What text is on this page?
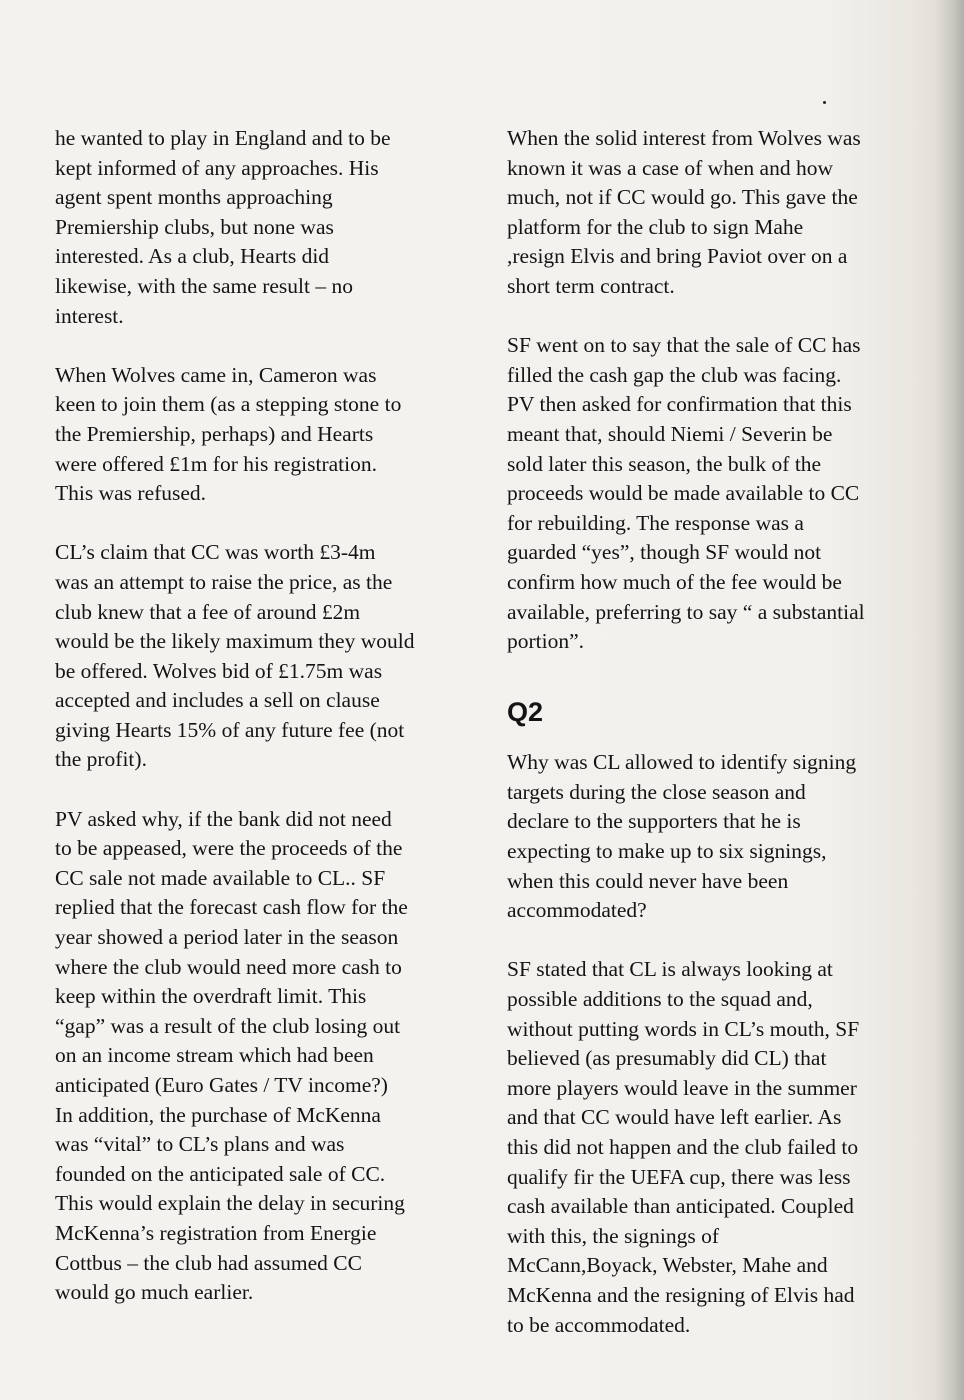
he wanted to play in England and to be
kept informed of any approaches. His
agent spent months approaching
Premiership clubs, but none was
interested. As a club, Hearts did
likewise, with the same result – no
interest.
When Wolves came in, Cameron was
keen to join them (as a stepping stone to
the Premiership, perhaps) and Hearts
were offered £1m for his registration.
This was refused.
CL’s claim that CC was worth £3-4m
was an attempt to raise the price, as the
club knew that a fee of around £2m
would be the likely maximum they would
be offered. Wolves bid of £1.75m was
accepted and includes a sell on clause
giving Hearts 15% of any future fee (not
the profit).
PV asked why, if the bank did not need
to be appeased, were the proceeds of the
CC sale not made available to CL.. SF
replied that the forecast cash flow for the
year showed a period later in the season
where the club would need more cash to
keep within the overdraft limit. This
“gap” was a result of the club losing out
on an income stream which had been
anticipated (Euro Gates / TV income?)
In addition, the purchase of McKenna
was “vital” to CL’s plans and was
founded on the anticipated sale of CC.
This would explain the delay in securing
McKenna’s registration from Energie
Cottbus – the club had assumed CC
would go much earlier.
When the solid interest from Wolves was
known it was a case of when and how
much, not if CC would go. This gave the
platform for the club to sign Mahe
,resign Elvis and bring Paviot over on a
short term contract.
SF went on to say that the sale of CC has
filled the cash gap the club was facing.
PV then asked for confirmation that this
meant that, should Niemi / Severin be
sold later this season, the bulk of the
proceeds would be made available to CC
for rebuilding. The response was a
guarded “yes”, though SF would not
confirm how much of the fee would be
available, preferring to say “ a substantial
portion”.
Q2
Why was CL allowed to identify signing
targets during the close season and
declare to the supporters that he is
expecting to make up to six signings,
when this could never have been
accommodated?
SF stated that CL is always looking at
possible additions to the squad and,
without putting words in CL’s mouth, SF
believed (as presumably did CL) that
more players would leave in the summer
and that CC would have left earlier. As
this did not happen and the club failed to
qualify fir the UEFA cup, there was less
cash available than anticipated. Coupled
with this, the signings of
McCann,Boyack, Webster, Mahe and
McKenna and the resigning of Elvis had
to be accommodated.
